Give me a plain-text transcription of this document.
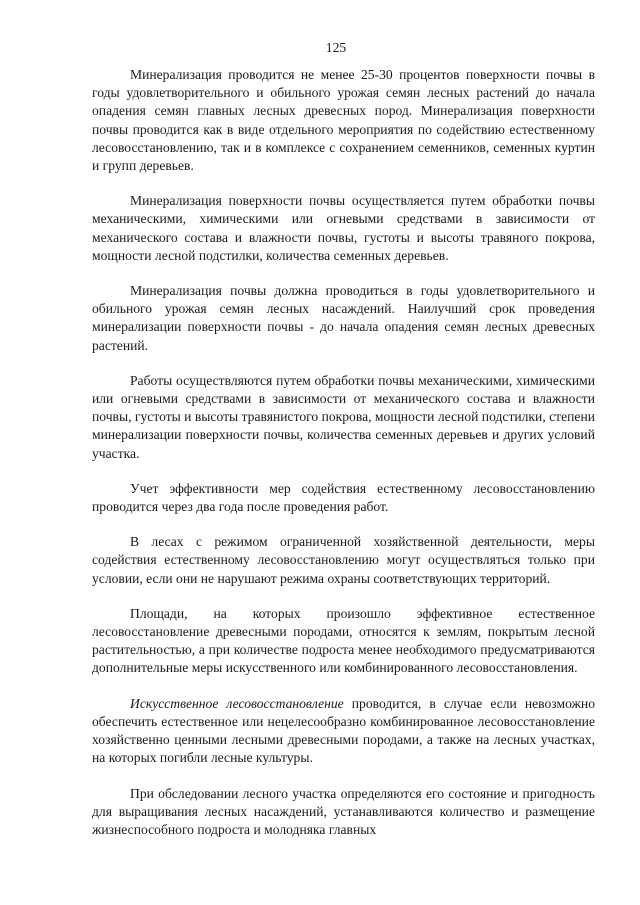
125

Минерализация проводится не менее 25-30 процентов поверхности почвы в годы удовлетворительного и обильного урожая семян лесных растений до начала опадения семян главных лесных древесных пород. Минерализация поверхности почвы проводится как в виде отдельного мероприятия по содействию естественному лесовосстановлению, так и в комплексе с сохранением семенников, семенных куртин и групп деревьев.

Минерализация поверхности почвы осуществляется путем обработки почвы механическими, химическими или огневыми средствами в зависимости от механического состава и влажности почвы, густоты и высоты травяного покрова, мощности лесной подстилки, количества семенных деревьев.

Минерализация почвы должна проводиться в годы удовлетворительного и обильного урожая семян лесных насаждений. Наилучший срок проведения минерализации поверхности почвы - до начала опадения семян лесных древесных растений.

Работы осуществляются путем обработки почвы механическими, химическими или огневыми средствами в зависимости от механического состава и влажности почвы, густоты и высоты травянистого покрова, мощности лесной подстилки, степени минерализации поверхности почвы, количества семенных деревьев и других условий участка.

Учет эффективности мер содействия естественному лесовосстановлению проводится через два года после проведения работ.

В лесах с режимом ограниченной хозяйственной деятельности, меры содействия естественному лесовосстановлению могут осуществляться только при условии, если они не нарушают режима охраны соответствующих территорий.

Площади, на которых произошло эффективное естественное лесовосстановление древесными породами, относятся к землям, покрытым лесной растительностью, а при количестве подроста менее необходимого предусматриваются дополнительные меры искусственного или комбинированного лесовосстановления.

Искусственное лесовосстановление проводится, в случае если невозможно обеспечить естественное или нецелесообразно комбинированное лесовосстановление хозяйственно ценными лесными древесными породами, а также на лесных участках, на которых погибли лесные культуры.

При обследовании лесного участка определяются его состояние и пригодность для выращивания лесных насаждений, устанавливаются количество и размещение жизнеспособного подроста и молодняка главных
